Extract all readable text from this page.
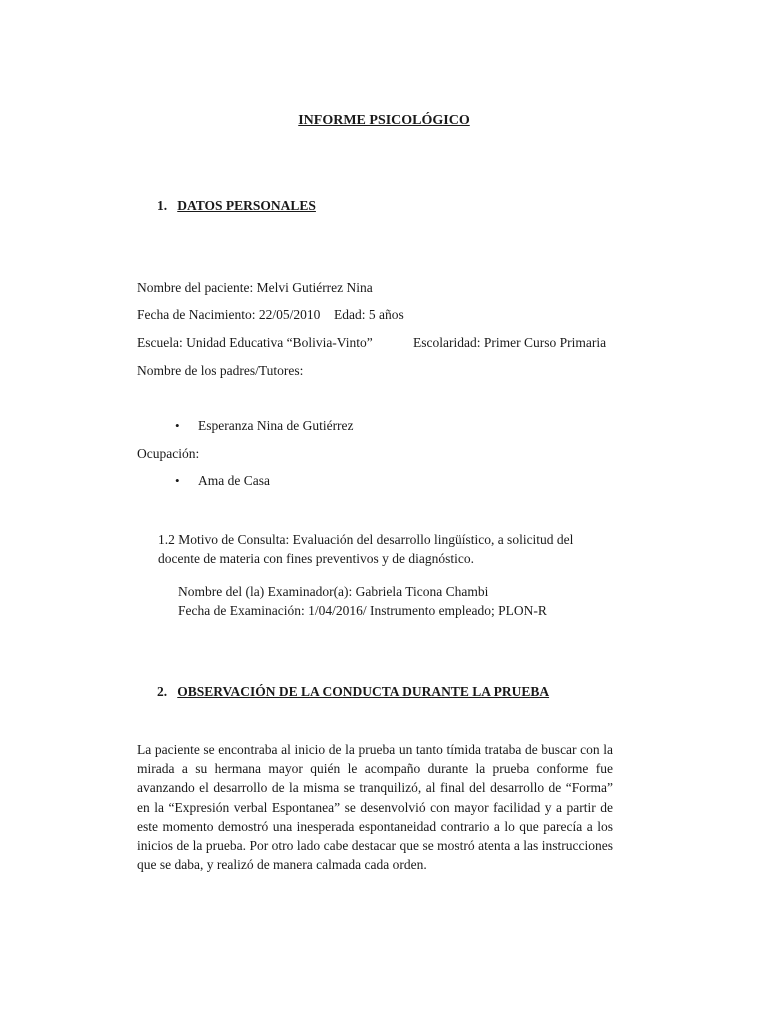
INFORME PSICOLÓGICO
1. DATOS PERSONALES
Nombre del paciente: Melvi Gutiérrez Nina
Fecha de Nacimiento: 22/05/2010 Edad: 5 años
Escuela: Unidad Educativa “Bolivia-Vinto”	Escolaridad: Primer Curso Primaria
Nombre de los padres/Tutores:
• Esperanza Nina de Gutiérrez
Ocupación:
• Ama de Casa
1.2 Motivo de Consulta: Evaluación del desarrollo lingüístico, a solicitud del docente de materia con fines preventivos y de diagnóstico.
Nombre del (la) Examinador(a): Gabriela Ticona Chambi
Fecha de Examinación: 1/04/2016/ Instrumento empleado; PLON-R
2. OBSERVACIÓN DE LA CONDUCTA DURANTE LA PRUEBA
La paciente se encontraba al inicio de la prueba un tanto tímida trataba de buscar con la mirada a su hermana mayor quién le acompaño durante la prueba conforme fue avanzando el desarrollo de la misma se tranquilizó, al final del desarrollo de “Forma” en la “Expresión verbal Espontanea” se desenvolvió con mayor facilidad y a partir de este momento demostró una inesperada espontaneidad contrario a lo que parecía a los inicios de la prueba. Por otro lado cabe destacar que se mostró atenta a las instrucciones que se daba, y realizó de manera calmada cada orden.
